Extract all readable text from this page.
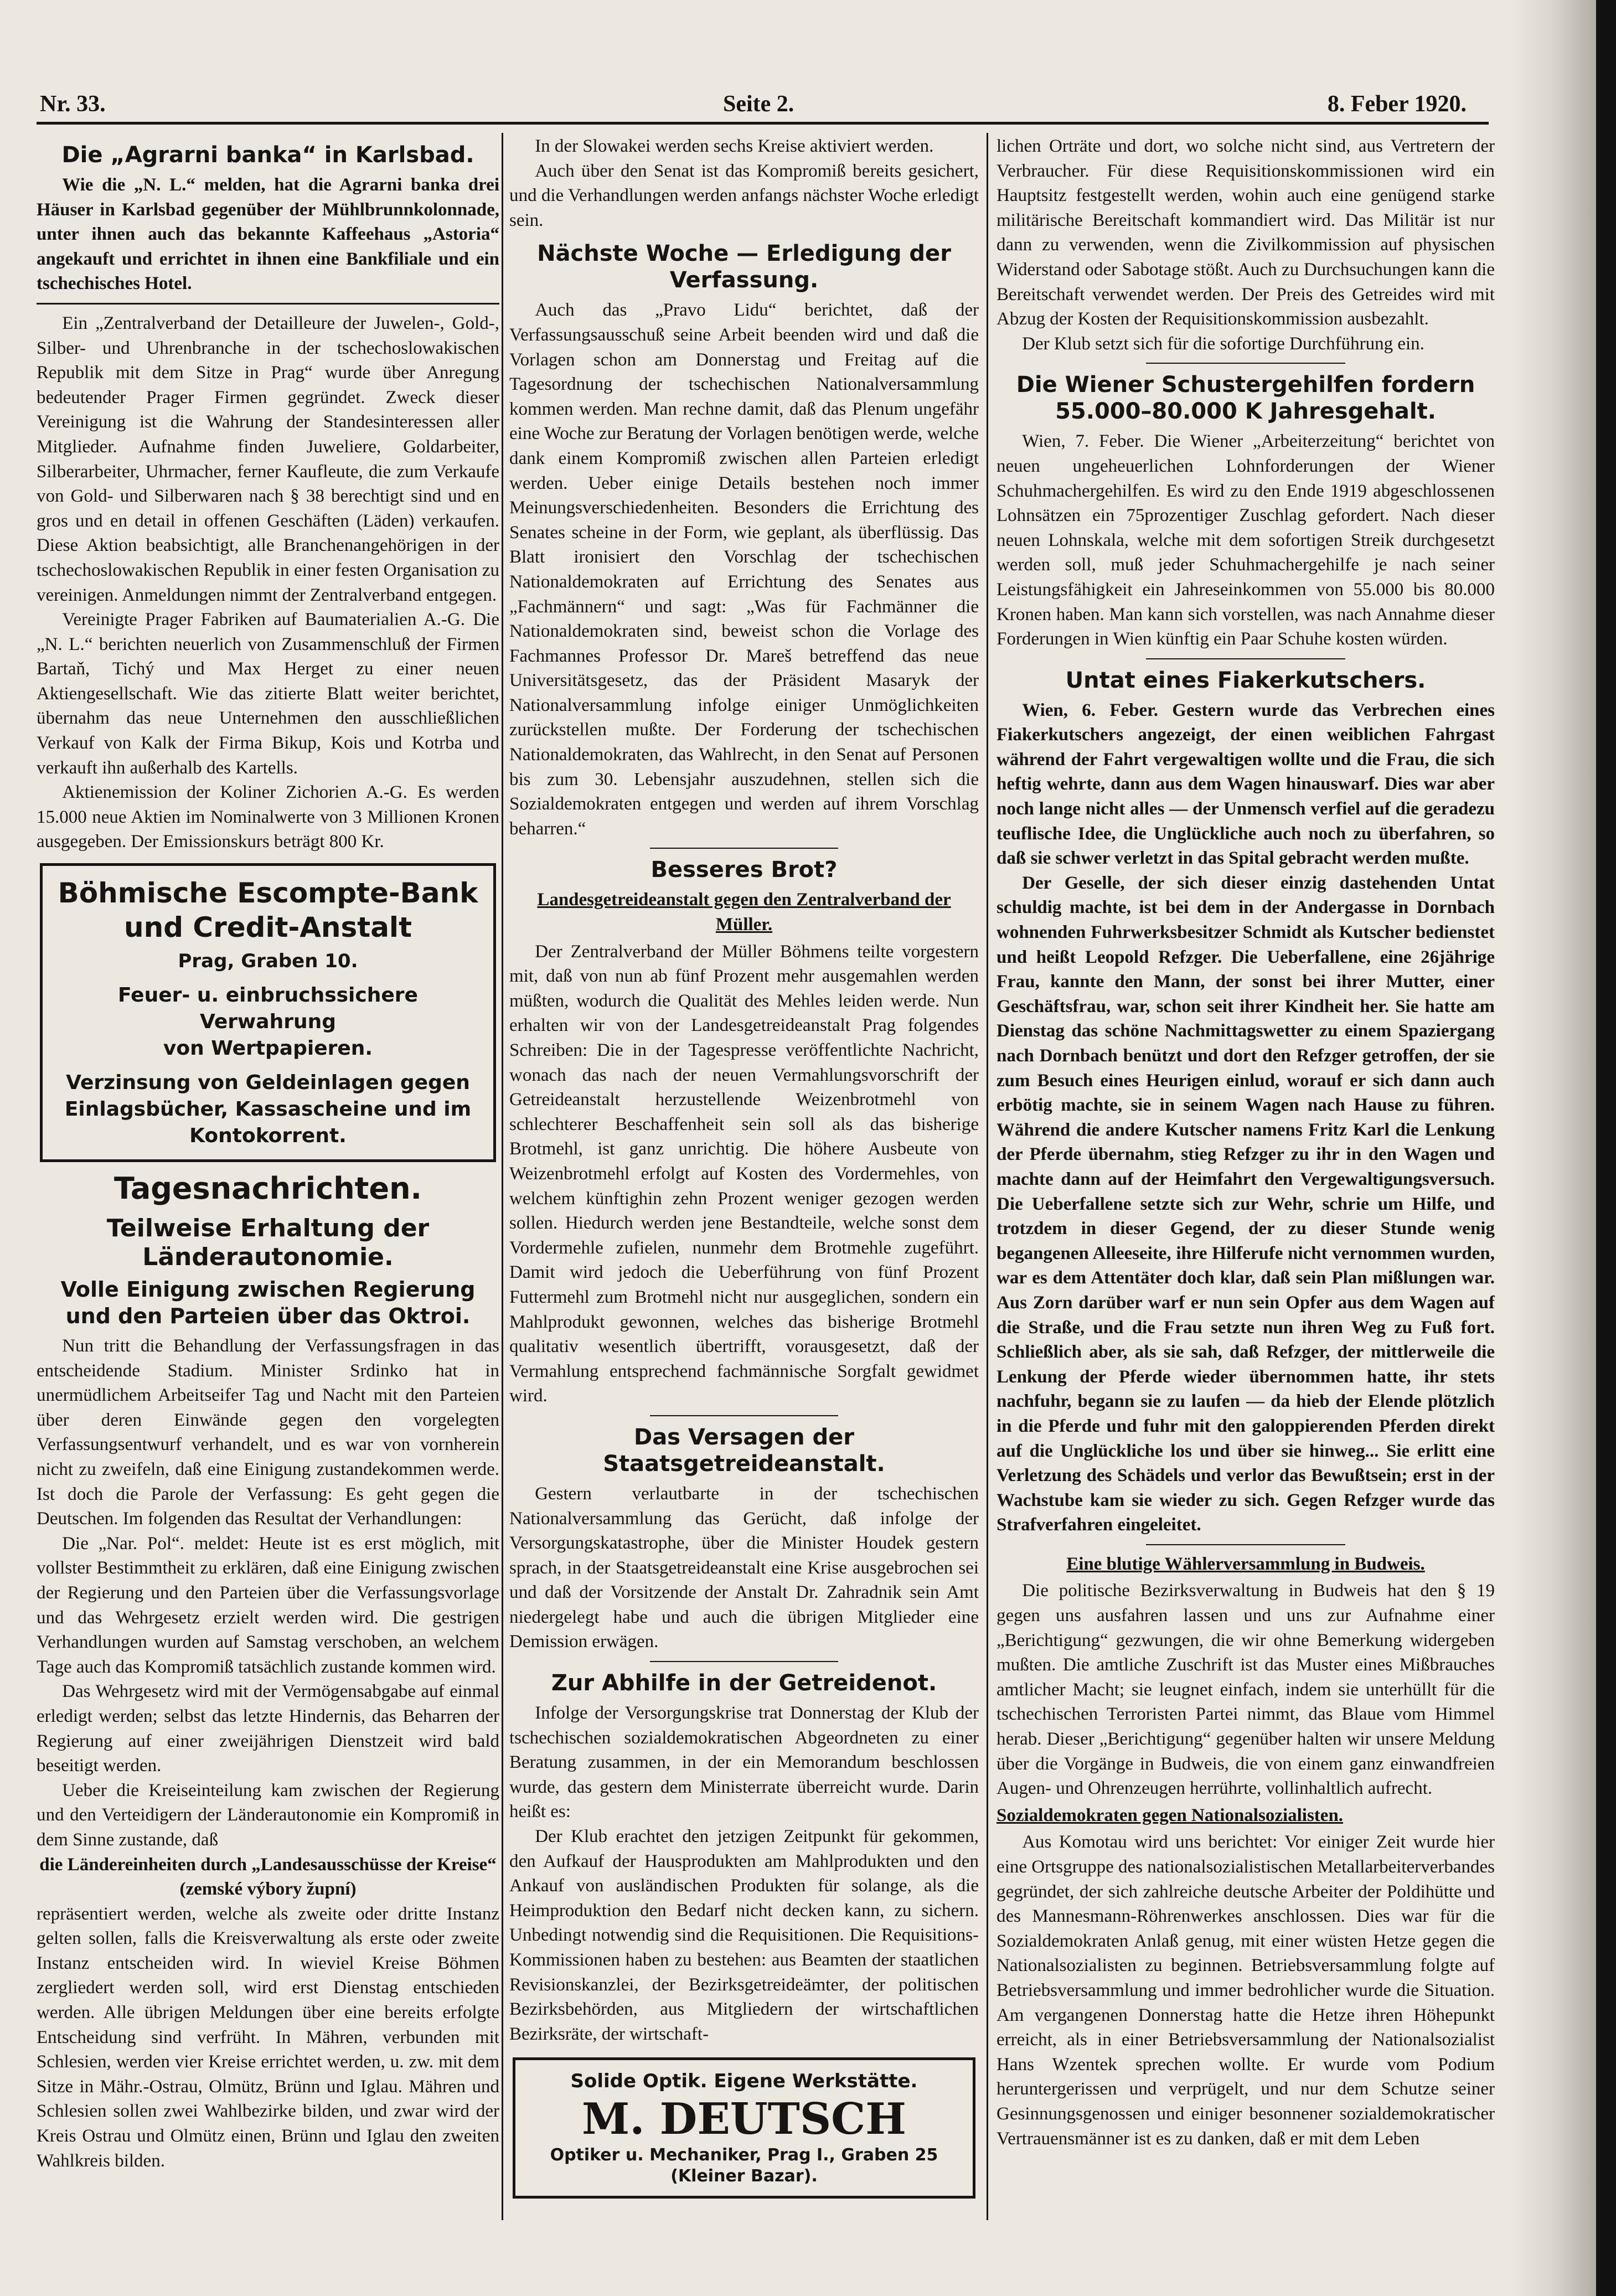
Nr. 33.	Seite 2.	8. Feber 1920.
Die „Agrarni banka“ in Karlsbad.

Wie die „N. L.“ melden, hat die Agrarni banka drei Häuser in Karlsbad gegenüber der Mühlbrunnkolonnade, unter ihnen auch das bekannte Kaffeehaus „Astoria“ angekauft und errichtet in ihnen eine Bankfiliale und ein tschechisches Hotel.

Ein „Zentralverband der Detailleure der Juwelen-, Gold-, Silber- und Uhrenbranche in der tschechoslowakischen Republik mit dem Sitze in Prag“ wurde über Anregung bedeutender Prager Firmen gegründet. Zweck dieser Vereinigung ist die Wahrung der Standesinteressen aller Mitglieder. Aufnahme finden Juweliere, Goldarbeiter, Silberarbeiter, Uhrmacher, ferner Kaufleute, die zum Verkaufe von Gold- und Silberwaren nach § 38 berechtigt sind und en gros und en detail in offenen Geschäften (Läden) verkaufen. Diese Aktion beabsichtigt, alle Branchenangehörigen in der tschechoslowakischen Republik in einer festen Organisation zu vereinigen. Anmeldungen nimmt der Zentralverband entgegen.

Vereinigte Prager Fabriken auf Baumaterialien A.-G. Die „N. L.“ berichten neuerlich von Zusammenschluß der Firmen Bartaň, Tichý und Max Herget zu einer neuen Aktiengesellschaft. Wie das zitierte Blatt weiter berichtet, übernahm das neue Unternehmen den ausschließlichen Verkauf von Kalk der Firma Bikup, Kois und Kotrba und verkauft ihn außerhalb des Kartells.

Aktienemission der Koliner Zichorien A.-G. Es werden 15.000 neue Aktien im Nominalwerte von 3 Millionen Kronen ausgegeben. Der Emissionskurs beträgt 800 Kr.

Böhmische Escompte-Bank
und Credit-Anstalt
Prag, Graben 10.
Feuer- u. einbruchssichere Verwahrung
von Wertpapieren.
Verzinsung von Geldeinlagen gegen Einlagsbücher, Kassascheine und im Kontokorrent.
Tagesnachrichten.
Teilweise Erhaltung der Länderautonomie.
Volle Einigung zwischen Regierung und den Parteien über das Oktroi.

Nun tritt die Behandlung der Verfassungsfragen in das entscheidende Stadium. Minister Srdinko hat in unermüdlichem Arbeitseifer Tag und Nacht mit den Parteien über deren Einwände gegen den vorgelegten Verfassungsentwurf verhandelt, und es war von vornherein nicht zu zweifeln, daß eine Einigung zustandekommen werde. Ist doch die Parole der Verfassung: Es geht gegen die Deutschen. Im folgenden das Resultat der Verhandlungen:

Die „Nar. Pol“. meldet: Heute ist es erst möglich, mit vollster Bestimmtheit zu erklären, daß eine Einigung zwischen der Regierung und den Parteien über die Verfassungsvorlage und das Wehrgesetz erzielt werden wird. Die gestrigen Verhandlungen wurden auf Samstag verschoben, an welchem Tage auch das Kompromiß tatsächlich zustande kommen wird.

Das Wehrgesetz wird mit der Vermögensabgabe auf einmal erledigt werden; selbst das letzte Hindernis, das Beharren der Regierung auf einer zweijährigen Dienstzeit wird bald beseitigt werden.

Ueber die Kreiseinteilung kam zwischen der Regierung und den Verteidigern der Länderautonomie ein Kompromiß in dem Sinne zustande, daß

die Ländereinheiten durch „Landesausschüsse der Kreise“ (zemské výbory župní)

repräsentiert werden, welche als zweite oder dritte Instanz gelten sollen, falls die Kreisverwaltung als erste oder zweite Instanz entscheiden wird. In wieviel Kreise Böhmen zergliedert werden soll, wird erst Dienstag entschieden werden. Alle übrigen Meldungen über eine bereits erfolgte Entscheidung sind verfrüht. In Mähren, verbunden mit Schlesien, werden vier Kreise errichtet werden, u. zw. mit dem Sitze in Mähr.-Ostrau, Olmütz, Brünn und Iglau. Mähren und Schlesien sollen zwei Wahlbezirke bilden, und zwar wird der Kreis Ostrau und Olmütz einen, Brünn und Iglau den zweiten Wahlkreis bilden.

In der Slowakei werden sechs Kreise aktiviert werden.

Auch über den Senat ist das Kompromiß bereits gesichert, und die Verhandlungen werden anfangs nächster Woche erledigt sein.

Nächste Woche — Erledigung der Verfassung.

Auch das „Pravo Lidu“ berichtet, daß der Verfassungsausschuß seine Arbeit beenden wird und daß die Vorlagen schon am Donnerstag und Freitag auf die Tagesordnung der tschechischen Nationalversammlung kommen werden. Man rechne damit, daß das Plenum ungefähr eine Woche zur Beratung der Vorlagen benötigen werde, welche dank einem Kompromiß zwischen allen Parteien erledigt werden. Ueber einige Details bestehen noch immer Meinungsverschiedenheiten. Besonders die Errichtung des Senates scheine in der Form, wie geplant, als überflüssig. Das Blatt ironisiert den Vorschlag der tschechischen Nationaldemokraten auf Errichtung des Senates aus „Fachmännern“ und sagt: „Was für Fachmänner die Nationaldemokraten sind, beweist schon die Vorlage des Fachmannes Professor Dr. Mareš betreffend das neue Universitätsgesetz, das der Präsident Masaryk der Nationalversammlung infolge einiger Unmöglichkeiten zurückstellen mußte. Der Forderung der tschechischen Nationaldemokraten, das Wahlrecht, in den Senat auf Personen bis zum 30. Lebensjahr auszudehnen, stellen sich die Sozialdemokraten entgegen und werden auf ihrem Vorschlag beharren.“

Besseres Brot?

Landesgetreideanstalt gegen den Zentralverband der Müller.

Der Zentralverband der Müller Böhmens teilte vorgestern mit, daß von nun ab fünf Prozent mehr ausgemahlen werden müßten, wodurch die Qualität des Mehles leiden werde. Nun erhalten wir von der Landesgetreideanstalt Prag folgendes Schreiben: Die in der Tagespresse veröffentlichte Nachricht, wonach das nach der neuen Vermahlungsvorschrift der Getreideanstalt herzustellende Weizenbrotmehl von schlechterer Beschaffenheit sein soll als das bisherige Brotmehl, ist ganz unrichtig. Die höhere Ausbeute von Weizenbrotmehl erfolgt auf Kosten des Vordermehles, von welchem künftighin zehn Prozent weniger gezogen werden sollen. Hiedurch werden jene Bestandteile, welche sonst dem Vordermehle zufielen, nunmehr dem Brotmehle zugeführt. Damit wird jedoch die Ueberführung von fünf Prozent Futtermehl zum Brotmehl nicht nur ausgeglichen, sondern ein Mahlprodukt gewonnen, welches das bisherige Brotmehl qualitativ wesentlich übertrifft, vorausgesetzt, daß der Vermahlung entsprechend fachmännische Sorgfalt gewidmet wird.

Das Versagen der Staatsgetreideanstalt.

Gestern verlautbarte in der tschechischen Nationalversammlung das Gerücht, daß infolge der Versorgungskatastrophe, über die Minister Houdek gestern sprach, in der Staatsgetreideanstalt eine Krise ausgebrochen sei und daß der Vorsitzende der Anstalt Dr. Zahradnik sein Amt niedergelegt habe und auch die übrigen Mitglieder eine Demission erwägen.

Zur Abhilfe in der Getreidenot.

Infolge der Versorgungskrise trat Donnerstag der Klub der tschechischen sozialdemokratischen Abgeordneten zu einer Beratung zusammen, in der ein Memorandum beschlossen wurde, das gestern dem Ministerrate überreicht wurde. Darin heißt es:

Der Klub erachtet den jetzigen Zeitpunkt für gekommen, den Aufkauf der Hausprodukten am Mahlprodukten und den Ankauf von ausländischen Produkten für solange, als die Heimproduktion den Bedarf nicht decken kann, zu sichern. Unbedingt notwendig sind die Requisitionen. Die Requisitions-Kommissionen haben zu bestehen: aus Beamten der staatlichen Revisionskanzlei, der Bezirksgetreideämter, der politischen Bezirksbehörden, aus Mitgliedern der wirtschaftlichen Bezirksräte, der wirtschaft-

Solide Optik. Eigene Werkstätte.
M. DEUTSCH
Optiker u. Mechaniker, Prag I., Graben 25
(Kleiner Bazar).

lichen Orträte und dort, wo solche nicht sind, aus Vertretern der Verbraucher. Für diese Requisitionskommissionen wird ein Hauptsitz festgestellt werden, wohin auch eine genügend starke militärische Bereitschaft kommandiert wird. Das Militär ist nur dann zu verwenden, wenn die Zivilkommission auf physischen Widerstand oder Sabotage stößt. Auch zu Durchsuchungen kann die Bereitschaft verwendet werden. Der Preis des Getreides wird mit Abzug der Kosten der Requisitionskommission ausbezahlt.

Der Klub setzt sich für die sofortige Durchführung ein.

Die Wiener Schustergehilfen fordern 55.000–80.000 K Jahresgehalt.

Wien, 7. Feber. Die Wiener „Arbeiterzeitung“ berichtet von neuen ungeheuerlichen Lohnforderungen der Wiener Schuhmachergehilfen. Es wird zu den Ende 1919 abgeschlossenen Lohnsätzen ein 75prozentiger Zuschlag gefordert. Nach dieser neuen Lohnskala, welche mit dem sofortigen Streik durchgesetzt werden soll, muß jeder Schuhmachergehilfe je nach seiner Leistungsfähigkeit ein Jahreseinkommen von 55.000 bis 80.000 Kronen haben. Man kann sich vorstellen, was nach Annahme dieser Forderungen in Wien künftig ein Paar Schuhe kosten würden.

Untat eines Fiakerkutschers.

Wien, 6. Feber. Gestern wurde das Verbrechen eines Fiakerkutschers angezeigt, der einen weiblichen Fahrgast während der Fahrt vergewaltigen wollte und die Frau, die sich heftig wehrte, dann aus dem Wagen hinauswarf. Dies war aber noch lange nicht alles — der Unmensch verfiel auf die geradezu teuflische Idee, die Unglückliche auch noch zu überfahren, so daß sie schwer verletzt in das Spital gebracht werden mußte.

Der Geselle, der sich dieser einzig dastehenden Untat schuldig machte, ist bei dem in der Andergasse in Dornbach wohnenden Fuhrwerksbesitzer Schmidt als Kutscher bedienstet und heißt Leopold Refzger. Die Ueberfallene, eine 26jährige Frau, kannte den Mann, der sonst bei ihrer Mutter, einer Geschäftsfrau, war, schon seit ihrer Kindheit her. Sie hatte am Dienstag das schöne Nachmittagswetter zu einem Spaziergang nach Dornbach benützt und dort den Refzger getroffen, der sie zum Besuch eines Heurigen einlud, worauf er sich dann auch erbötig machte, sie in seinem Wagen nach Hause zu führen. Während die andere Kutscher namens Fritz Karl die Lenkung der Pferde übernahm, stieg Refzger zu ihr in den Wagen und machte dann auf der Heimfahrt den Vergewaltigungsversuch. Die Ueberfallene setzte sich zur Wehr, schrie um Hilfe, und trotzdem in dieser Gegend, der zu dieser Stunde wenig begangenen Alleeseite, ihre Hilferufe nicht vernommen wurden, war es dem Attentäter doch klar, daß sein Plan mißlungen war. Aus Zorn darüber warf er nun sein Opfer aus dem Wagen auf die Straße, und die Frau setzte nun ihren Weg zu Fuß fort. Schließlich aber, als sie sah, daß Refzger, der mittlerweile die Lenkung der Pferde wieder übernommen hatte, ihr stets nachfuhr, begann sie zu laufen — da hieb der Elende plötzlich in die Pferde und fuhr mit den galoppierenden Pferden direkt auf die Unglückliche los und über sie hinweg... Sie erlitt eine Verletzung des Schädels und verlor das Bewußtsein; erst in der Wachstube kam sie wieder zu sich. Gegen Refzger wurde das Strafverfahren eingeleitet.

Eine blutige Wählerversammlung in Budweis.

Die politische Bezirksverwaltung in Budweis hat den § 19 gegen uns ausfahren lassen und uns zur Aufnahme einer „Berichtigung“ gezwungen, die wir ohne Bemerkung widergeben mußten. Die amtliche Zuschrift ist das Muster eines Mißbrauches amtlicher Macht; sie leugnet einfach, indem sie unterhüllt für die tschechischen Terroristen Partei nimmt, das Blaue vom Himmel herab. Dieser „Berichtigung“ gegenüber halten wir unsere Meldung über die Vorgänge in Budweis, die von einem ganz einwandfreien Augen- und Ohrenzeugen herrührte, vollinhaltlich aufrecht.

Sozialdemokraten gegen Nationalsozialisten.

Aus Komotau wird uns berichtet: Vor einiger Zeit wurde hier eine Ortsgruppe des nationalsozialistischen Metallarbeiterverbandes gegründet, der sich zahlreiche deutsche Arbeiter der Poldihütte und des Mannesmann-Röhrenwerkes anschlossen. Dies war für die Sozialdemokraten Anlaß genug, mit einer wüsten Hetze gegen die Nationalsozialisten zu beginnen. Betriebsversammlung folgte auf Betriebsversammlung und immer bedrohlicher wurde die Situation. Am vergangenen Donnerstag hatte die Hetze ihren Höhepunkt erreicht, als in einer Betriebsversammlung der Nationalsozialist Hans Wzentek sprechen wollte. Er wurde vom Podium heruntergerissen und verprügelt, und nur dem Schutze seiner Gesinnungsgenossen und einiger besonnener sozialdemokratischer Vertrauensmänner ist es zu danken, daß er mit dem Leben
